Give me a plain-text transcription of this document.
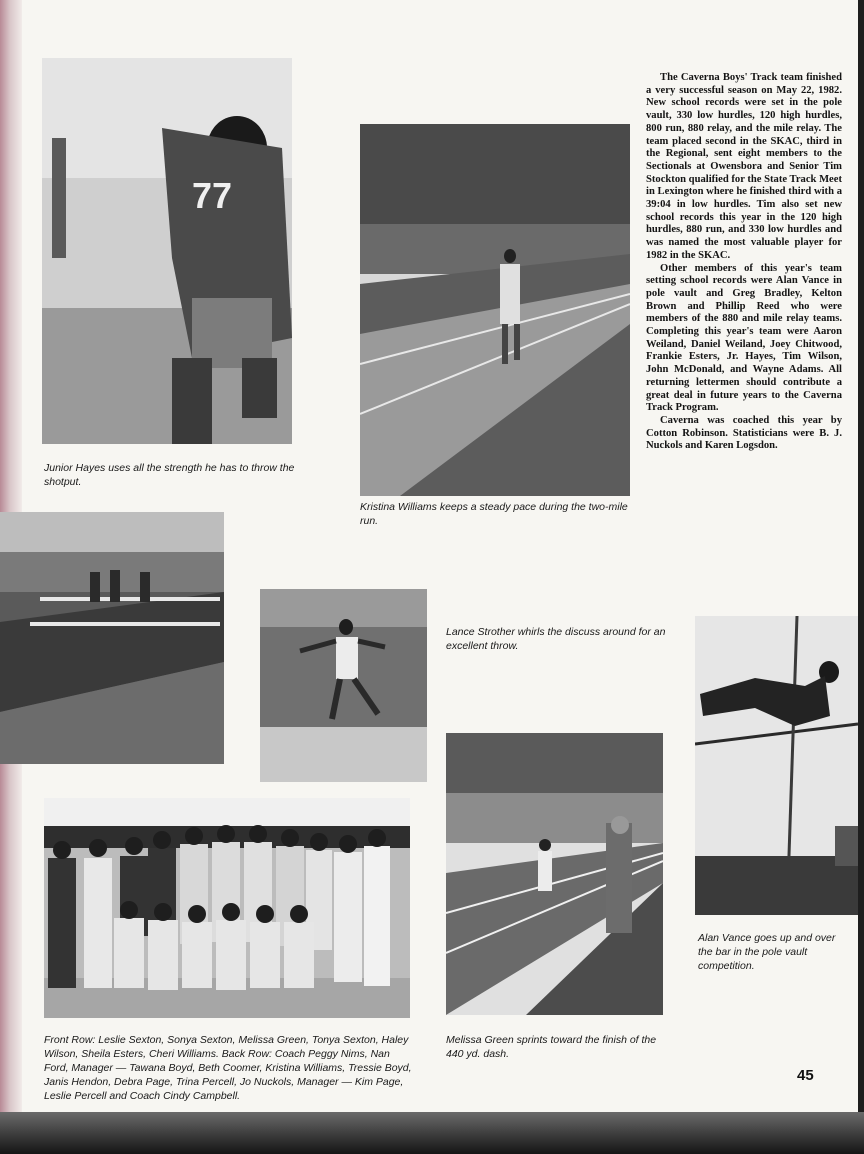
77

Junior Hayes uses all the strength he has to throw the shotput.

Kristina Williams keeps a steady pace during the two-mile run.

The Caverna Boys' Track team finished a very successful season on May 22, 1982. New school records were set in the pole vault, 330 low hurdles, 120 high hurdles, 800 run, 880 relay, and the mile relay. The team placed second in the SKAC, third in the Regional, sent eight members to the Sectionals at Owensbora and Senior Tim Stockton qualified for the State Track Meet in Lexington where he finished third with a 39:04 in low hurdles. Tim also set new school records this year in the 120 high hurdles, 880 run, and 330 low hurdles and was named the most valuable player for 1982 in the SKAC.

Other members of this year's team setting school records were Alan Vance in pole vault and Greg Bradley, Kelton Brown and Phillip Reed who were members of the 880 and mile relay teams. Completing this year's team were Aaron Weiland, Daniel Weiland, Joey Chitwood, Frankie Esters, Jr. Hayes, Tim Wilson, John McDonald, and Wayne Adams. All returning lettermen should contribute a great deal in future years to the Caverna Track Program.

Caverna was coached this year by Cotton Robinson. Statisticians were B. J. Nuckols and Karen Logsdon.

Lance Strother whirls the discuss around for an excellent throw.

Alan Vance goes up and over the bar in the pole vault competition.

Front Row: Leslie Sexton, Sonya Sexton, Melissa Green, Tonya Sexton, Haley Wilson, Sheila Esters, Cheri Williams. Back Row: Coach Peggy Nims, Nan Ford, Manager — Tawana Boyd, Beth Coomer, Kristina Williams, Tressie Boyd, Janis Hendon, Debra Page, Trina Percell, Jo Nuckols, Manager — Kim Page, Leslie Percell and Coach Cindy Campbell.

Melissa Green sprints toward the finish of the 440 yd. dash.

45
